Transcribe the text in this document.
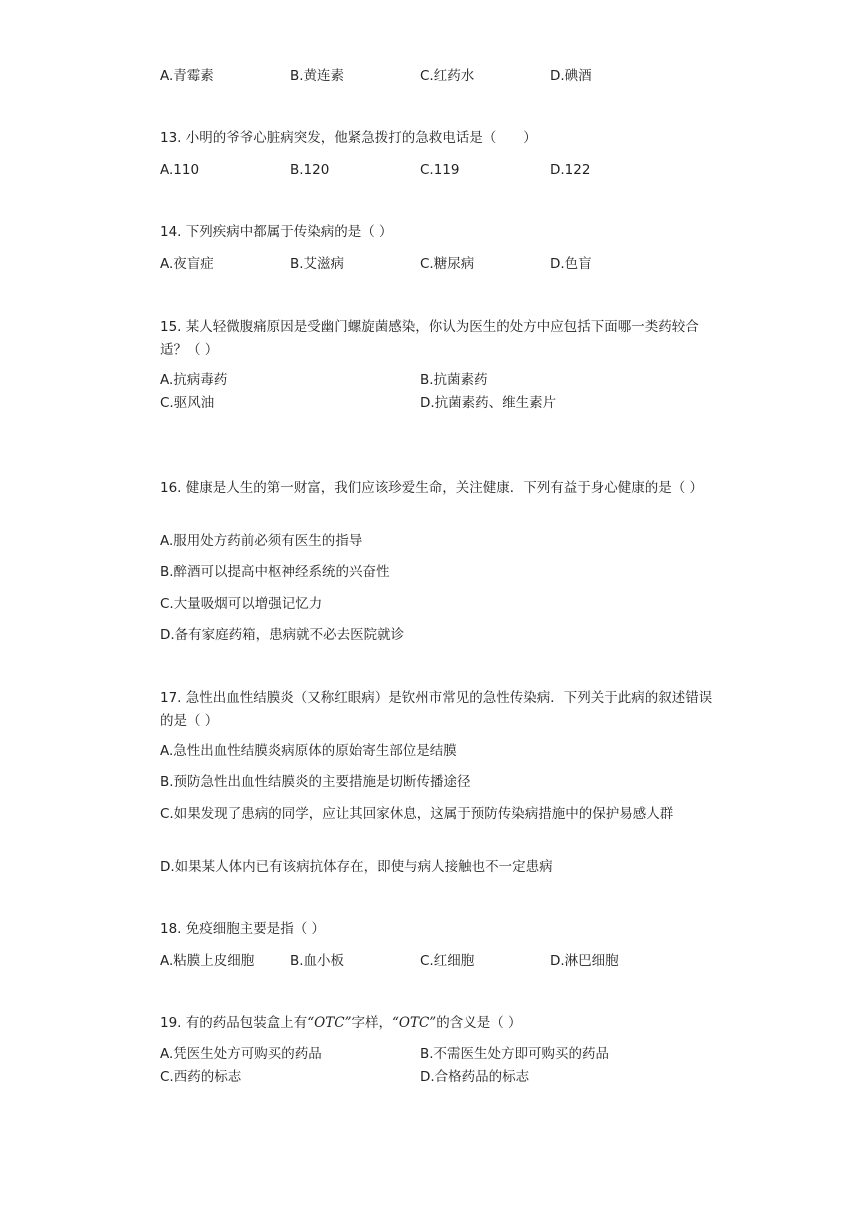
A.青霉素	B.黄连素	C.红药水	D.碘酒
13. 小明的爷爷心脏病突发，他紧急拨打的急救电话是（　　）
A.110	B.120	C.119	D.122
14. 下列疾病中都属于传染病的是（ ）
A.夜盲症	B.艾滋病	C.糖尿病	D.色盲
15. 某人轻微腹痛原因是受幽门螺旋菌感染，你认为医生的处方中应包括下面哪一类药较合适？（ ）
A.抗病毒药	B.抗菌素药
C.驱风油	D.抗菌素药、维生素片
16. 健康是人生的第一财富，我们应该珍爱生命，关注健康．下列有益于身心健康的是（ ）
A.服用处方药前必须有医生的指导
B.醉酒可以提高中枢神经系统的兴奋性
C.大量吸烟可以增强记忆力
D.备有家庭药箱，患病就不必去医院就诊
17. 急性出血性结膜炎（又称红眼病）是钦州市常见的急性传染病．下列关于此病的叙述错误的是（ ）
A.急性出血性结膜炎病原体的原始寄生部位是结膜
B.预防急性出血性结膜炎的主要措施是切断传播途径
C.如果发现了患病的同学，应让其回家休息，这属于预防传染病措施中的保护易感人群
D.如果某人体内已有该病抗体存在，即使与病人接触也不一定患病
18. 免疫细胞主要是指（ ）
A.粘膜上皮细胞	B.血小板	C.红细胞	D.淋巴细胞
19. 有的药品包装盒上有“OTC”字样，“OTC”的含义是（ ）
A.凭医生处方可购买的药品	B.不需医生处方即可购买的药品
C.西药的标志	D.合格药品的标志
